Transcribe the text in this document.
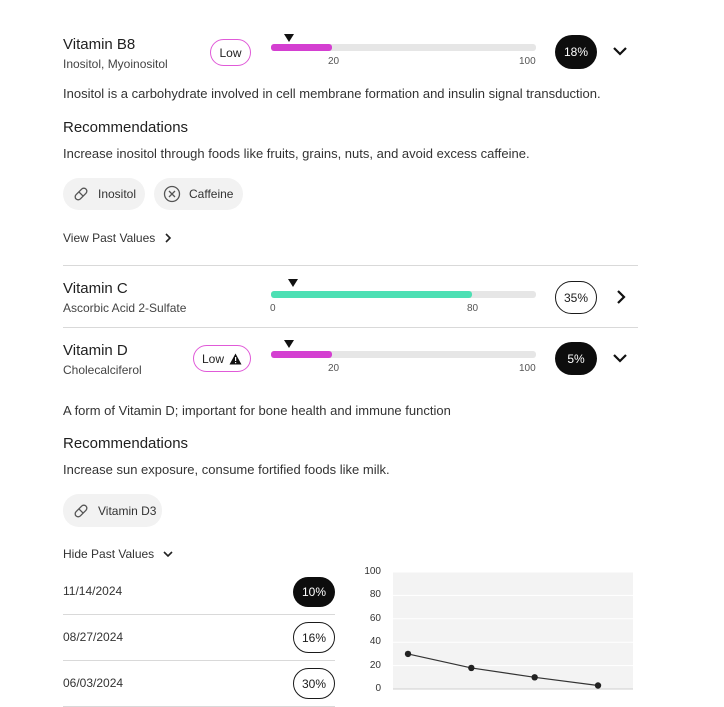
Vitamin B8
Inositol, Myoinositol
Low
20	100
18%
Inositol is a carbohydrate involved in cell membrane formation and insulin signal transduction.
Recommendations
Increase inositol through foods like fruits, grains, nuts, and avoid excess caffeine.
Inositol	Caffeine
View Past Values
Vitamin C
Ascorbic Acid 2-Sulfate	0	80
35%
Vitamin D
Cholecalciferol
Low
20	100
5%
A form of Vitamin D; important for bone health and immune function
Recommendations
Increase sun exposure, consume fortified foods like milk.
Vitamin D3
Hide Past Values
11/14/2024	10%
08/27/2024	16%
06/03/2024	30%
100
80
60
40
20
0
